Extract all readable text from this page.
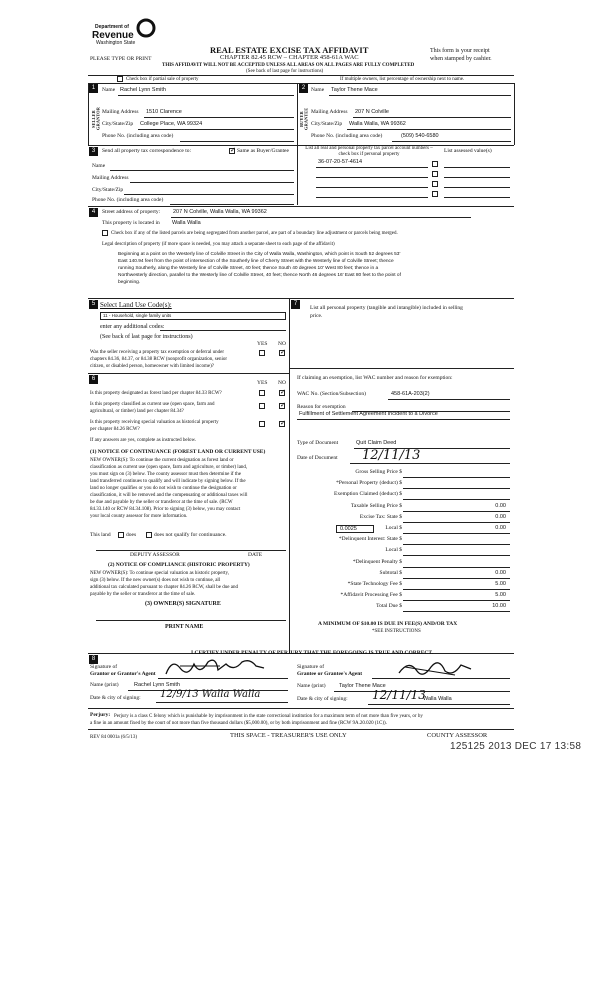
Department of
Revenue
Washington State
REAL ESTATE EXCISE TAX AFFIDAVIT
CHAPTER 82.45 RCW – CHAPTER 458-61A WAC
THIS AFFIDAVIT WILL NOT BE ACCEPTED UNLESS ALL AREAS ON ALL PAGES ARE FULLY COMPLETED
(See back of last page for instructions)
PLEASE TYPE OR PRINT
This form is your receipt
when stamped by cashier.
Check box if partial sale of property	If multiple owners, list percentage of ownership next to name.
1	2
SELLER GRANTOR	BUYER GRANTEE
Name Rachel Lynn Smith
Mailing Address 1510 Clarence
City/State/Zip College Place, WA 99324
Phone No. (including area code)
Name Taylor Thene Mace
Mailing Address 207 N Colville
City/State/Zip Walla Walla, WA 99362
Phone No. (including area code)	(509) 540-6580
3	Send all property tax correspondence to:
✓	Same as Buyer/Grantee	List all real and personal property tax parcel account numbers – check box if personal property
List assessed value(s)
Name
Mailing Address
City/State/Zip
Phone No. (including area code)
36-07-20-57-4614
4	Street address of property: 207 N Colville, Walla Walla, WA 99362
This property is located in Walla Walla
Check box if any of the listed parcels are being segregated from another parcel, are part of a boundary line adjustment or parcels being merged.
Legal description of property (if more space is needed, you may attach a separate sheet to each page of the affidavit)
Beginning at a point on the Westerly line of Colville Street in the City of Walla Walla, Washington, which point is South 52 degrees 53'
East 140.94 feet from the point of intersection of the Southerly line of Cherry Street with the Westerly line of Colville Street; thence
running Southerly, along the Westerly line of Colville Street, 40 feet; thence South 40 degrees 10' West 80 feet; thence in a
Northwesterly direction, parallel to the Westerly line of Colville Street, 40 feet; thence North 46 degrees 16' East 80 feet to the point of
beginning.
5 Select Land Use Code(s):
11 - Household, single family units
enter any additional codes:
(See back of last page for instructions)
YES NO
Was the seller receiving a property tax exemption or deferral under
chapters 84.36, 84.37, or 84.38 RCW (nonprofit organization, senior
citizen, or disabled person, homeowner with limited income)?
✓
6
YES NO
Is this property designated as forest land per chapter 84.33 RCW?
✓
Is this property classified as current use (open space, farm and
agricultural, or timber) land per chapter 84.34?
✓
Is this property receiving special valuation as historical property
per chapter 84.26 RCW?
✓
If any answers are yes, complete as instructed below.
(1) NOTICE OF CONTINUANCE (FOREST LAND OR CURRENT USE)
NEW OWNER(S): To continue the current designation as forest land or
classification as current use (open space, farm and agriculture, or timber) land,
you must sign on (3) below. The county assessor must then determine if the
land transferred continues to qualify and will indicate by signing below. If the
land no longer qualifies or you do not wish to continue the designation or
classification, it will be removed and the compensating or additional taxes will
be due and payable by the seller or transferor at the time of sale. (RCW
84.33.140 or RCW 84.34.108). Prior to signing (3) below, you may contact
your local county assessor for more information.
This land	does	does not qualify for continuance.
DEPUTY ASSESSOR	DATE
(2) NOTICE OF COMPLIANCE (HISTORIC PROPERTY)
NEW OWNER(S): To continue special valuation as historic property,
sign (3) below. If the new owner(s) does not wish to continue, all
additional tax calculated pursuant to chapter 84.26 RCW, shall be due and
payable by the seller or transferor at the time of sale.
(3) OWNER(S) SIGNATURE
PRINT NAME
7
List all personal property (tangible and intangible) included in selling
price.
If claiming an exemption, list WAC number and reason for exemption:
WAC No. (Section/Subsection)	458-61A-203(2)
Reason for exemption
Fulfillment of Settlement Agreement Incident to a Divorce
Type of Document	Quit Claim Deed
Date of Document 12/11/13
Gross Selling Price $
*Personal Property (deduct) $
Exemption Claimed (deduct) $
Taxable Selling Price $	0.00
Excise Tax: State $	0.00
Local $	0.00
*Delinquent Interest: State $
Local $
*Delinquent Penalty $
Subtotal $	0.00
*State Technology Fee $	5.00
*Affidavit Processing Fee $	5.00
Total Due $	10.00
0.0025
A MINIMUM OF $10.00 IS DUE IN FEE(S) AND/OR TAX
*SEE INSTRUCTIONS
8
I CERTIFY UNDER PENALTY OF PERJURY THAT THE FOREGOING IS TRUE AND CORRECT.
Signature of
Grantor or Grantor's Agent
Name (print)	Rachel Lynn Smith
Date & city of signing: 12/9/13 Walla Walla
Signature of
Grantee or Grantee's Agent
Name (print) Taylor Thene Mace
Date & city of signing: 12/11/13
Walla Walla
Perjury: Perjury is a class C felony which is punishable by imprisonment in the state correctional institution for a maximum term of not more than five years, or by
a fine in an amount fixed by the court of not more than five thousand dollars ($5,000.00), or by both imprisonment and fine (RCW 9A.20.020 (1C)).
REV 84 0001a (6/5/13)	THIS SPACE - TREASURER'S USE ONLY	COUNTY ASSESSOR
125125 2013 DEC 17 13:58
